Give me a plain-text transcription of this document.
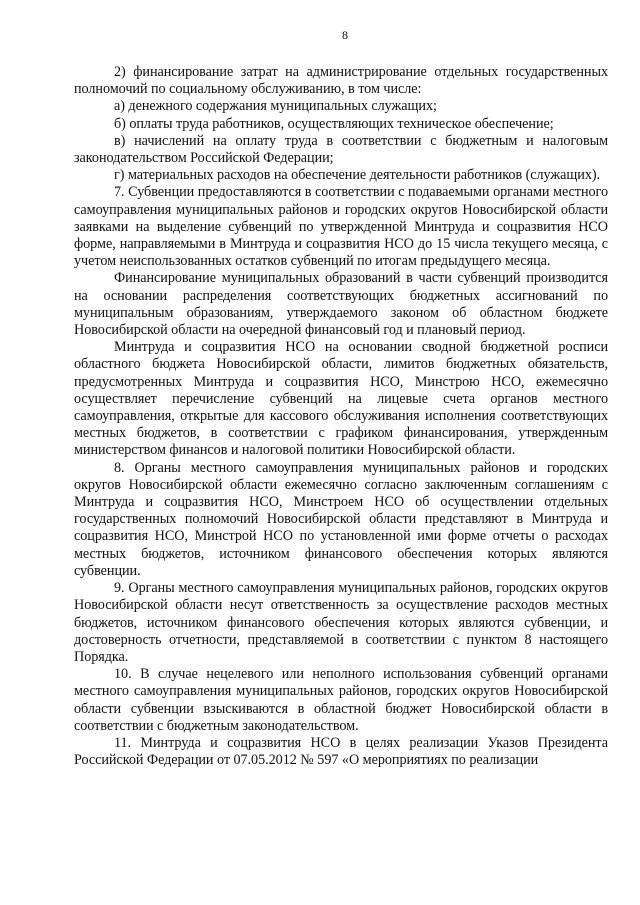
8

2) финансирование затрат на администрирование отдельных государственных полномочий по социальному обслуживанию, в том числе:

а) денежного содержания муниципальных служащих;

б) оплаты труда работников, осуществляющих техническое обеспечение;

в) начислений на оплату труда в соответствии с бюджетным и налоговым законодательством Российской Федерации;

г) материальных расходов на обеспечение деятельности работников (служащих).

7. Субвенции предоставляются в соответствии с подаваемыми органами местного самоуправления муниципальных районов и городских округов Новосибирской области заявками на выделение субвенций по утвержденной Минтруда и соцразвития НСО форме, направляемыми в Минтруда и соцразвития НСО до 15 числа текущего месяца, с учетом неиспользованных остатков субвенций по итогам предыдущего месяца.

Финансирование муниципальных образований в части субвенций производится на основании распределения соответствующих бюджетных ассигнований по муниципальным образованиям, утверждаемого законом об областном бюджете Новосибирской области на очередной финансовый год и плановый период.

Минтруда и соцразвития НСО на основании сводной бюджетной росписи областного бюджета Новосибирской области, лимитов бюджетных обязательств, предусмотренных Минтруда и соцразвития НСО, Минстрою НСО, ежемесячно осуществляет перечисление субвенций на лицевые счета органов местного самоуправления, открытые для кассового обслуживания исполнения соответствующих местных бюджетов, в соответствии с графиком финансирования, утвержденным министерством финансов и налоговой политики Новосибирской области.

8. Органы местного самоуправления муниципальных районов и городских округов Новосибирской области ежемесячно согласно заключенным соглашениям с Минтруда и соцразвития НСО, Минстроем НСО об осуществлении отдельных государственных полномочий Новосибирской области представляют в Минтруда и соцразвития НСО, Минстрой НСО по установленной ими форме отчеты о расходах местных бюджетов, источником финансового обеспечения которых являются субвенции.

9. Органы местного самоуправления муниципальных районов, городских округов Новосибирской области несут ответственность за осуществление расходов местных бюджетов, источником финансового обеспечения которых являются субвенции, и достоверность отчетности, представляемой в соответствии с пунктом 8 настоящего Порядка.

10. В случае нецелевого или неполного использования субвенций органами местного самоуправления муниципальных районов, городских округов Новосибирской области субвенции взыскиваются в областной бюджет Новосибирской области в соответствии с бюджетным законодательством.

11. Минтруда и соцразвития НСО в целях реализации Указов Президента Российской Федерации от 07.05.2012 № 597 «О мероприятиях по реализации
